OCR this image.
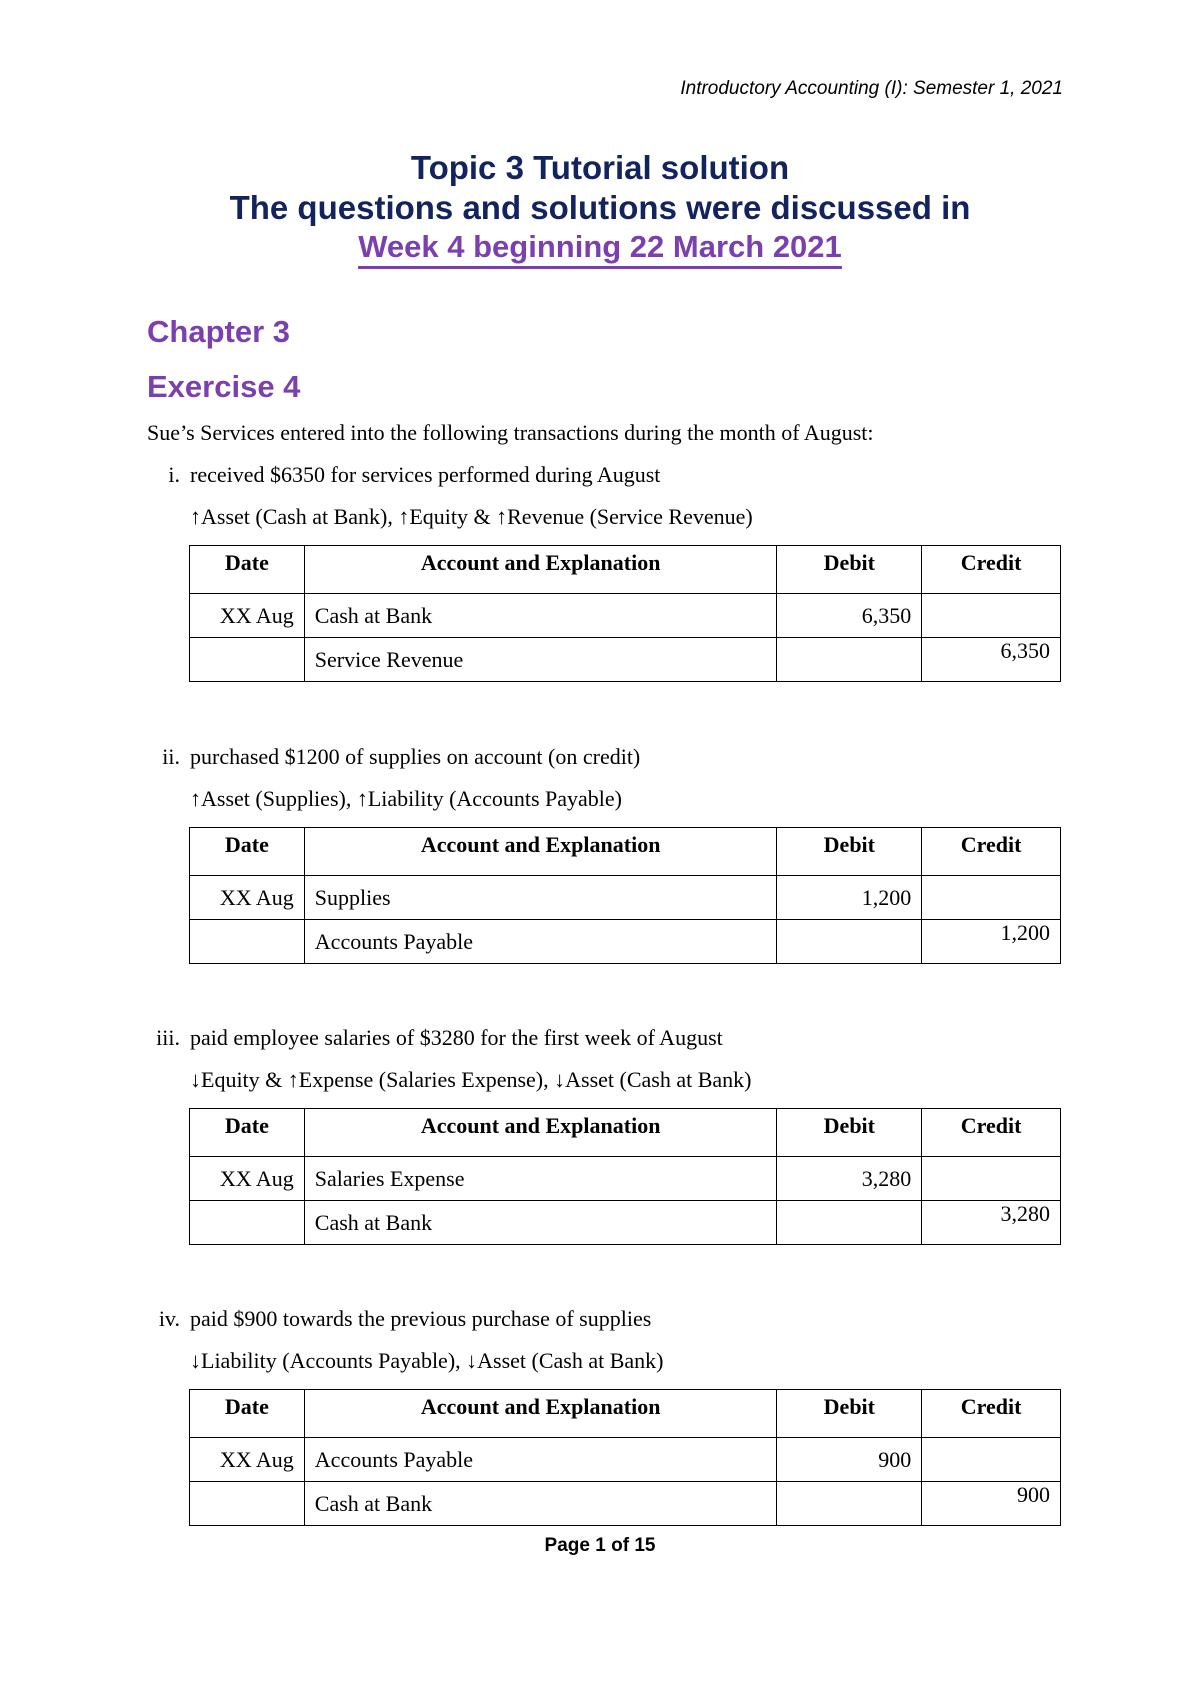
Introductory Accounting (I): Semester 1, 2021
Topic 3 Tutorial solution
The questions and solutions were discussed in
Week 4 beginning 22 March 2021
Chapter 3
Exercise 4
Sue’s Services entered into the following transactions during the month of August:
i. received $6350 for services performed during August
↑Asset (Cash at Bank), ↑Equity & ↑Revenue (Service Revenue)
Date	Account and Explanation	Debit	Credit
XX Aug	Cash at Bank	6,350	
	Service Revenue		6,350
ii. purchased $1200 of supplies on account (on credit)
↑Asset (Supplies), ↑Liability (Accounts Payable)
Date	Account and Explanation	Debit	Credit
XX Aug	Supplies	1,200	
	Accounts Payable		1,200
iii. paid employee salaries of $3280 for the first week of August
↓Equity & ↑Expense (Salaries Expense), ↓Asset (Cash at Bank)
Date	Account and Explanation	Debit	Credit
XX Aug	Salaries Expense	3,280	
	Cash at Bank		3,280
iv. paid $900 towards the previous purchase of supplies
↓Liability (Accounts Payable), ↓Asset (Cash at Bank)
Date	Account and Explanation	Debit	Credit
XX Aug	Accounts Payable	900	
	Cash at Bank		900
Page 1 of 15
